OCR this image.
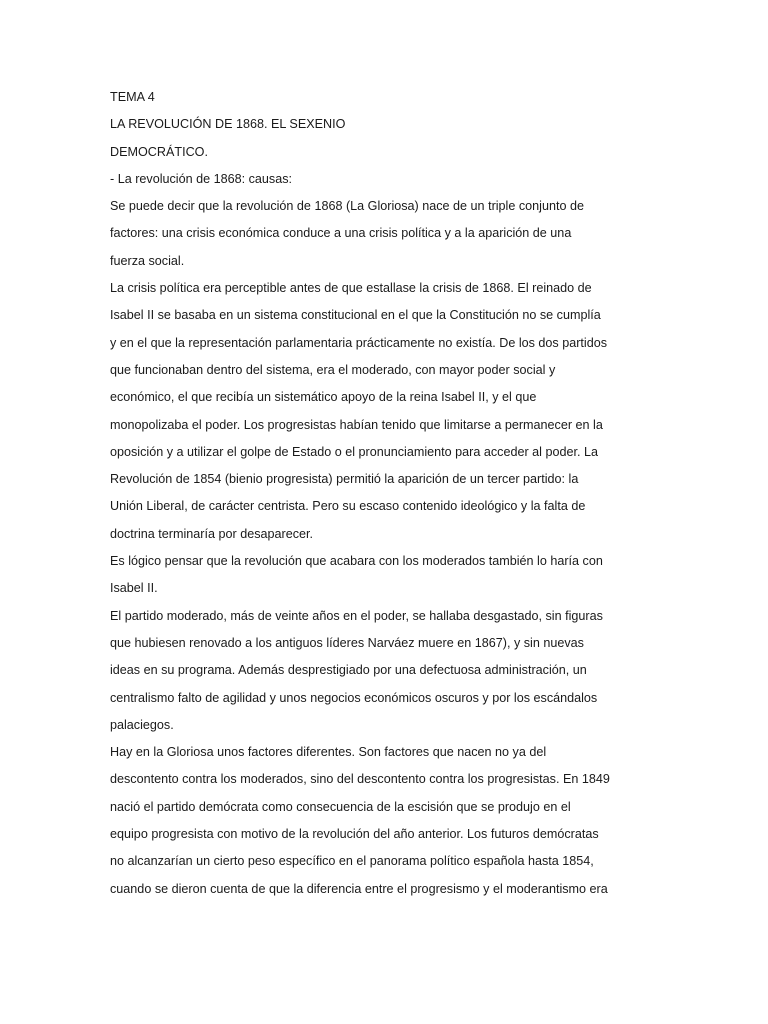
TEMA 4
LA REVOLUCIÓN DE 1868. EL SEXENIO
DEMOCRÁTICO.
- La revolución de 1868: causas:
Se puede decir que la revolución de 1868 (La Gloriosa) nace de un triple conjunto de
factores: una crisis económica conduce a una crisis política y a la aparición de una
fuerza social.
La crisis política era perceptible antes de que estallase la crisis de 1868. El reinado de
Isabel II se basaba en un sistema constitucional en el que la Constitución no se cumplía
y en el que la representación parlamentaria prácticamente no existía. De los dos partidos
que funcionaban dentro del sistema, era el moderado, con mayor poder social y
económico, el que recibía un sistemático apoyo de la reina Isabel II, y el que
monopolizaba el poder. Los progresistas habían tenido que limitarse a permanecer en la
oposición y a utilizar el golpe de Estado o el pronunciamiento para acceder al poder. La
Revolución de 1854 (bienio progresista) permitió la aparición de un tercer partido: la
Unión Liberal, de carácter centrista. Pero su escaso contenido ideológico y la falta de
doctrina terminaría por desaparecer.
Es lógico pensar que la revolución que acabara con los moderados también lo haría con
Isabel II.
El partido moderado, más de veinte años en el poder, se hallaba desgastado, sin figuras
que hubiesen renovado a los antiguos líderes Narváez muere en 1867), y sin nuevas
ideas en su programa. Además desprestigiado por una defectuosa administración, un
centralismo falto de agilidad y unos negocios económicos oscuros y por los escándalos
palaciegos.
Hay en la Gloriosa unos factores diferentes. Son factores que nacen no ya del
descontento contra los moderados, sino del descontento contra los progresistas. En 1849
nació el partido demócrata como consecuencia de la escisión que se produjo en el
equipo progresista con motivo de la revolución del año anterior. Los futuros demócratas
no alcanzarían un cierto peso específico en el panorama político española hasta 1854,
cuando se dieron cuenta de que la diferencia entre el progresismo y el moderantismo era
